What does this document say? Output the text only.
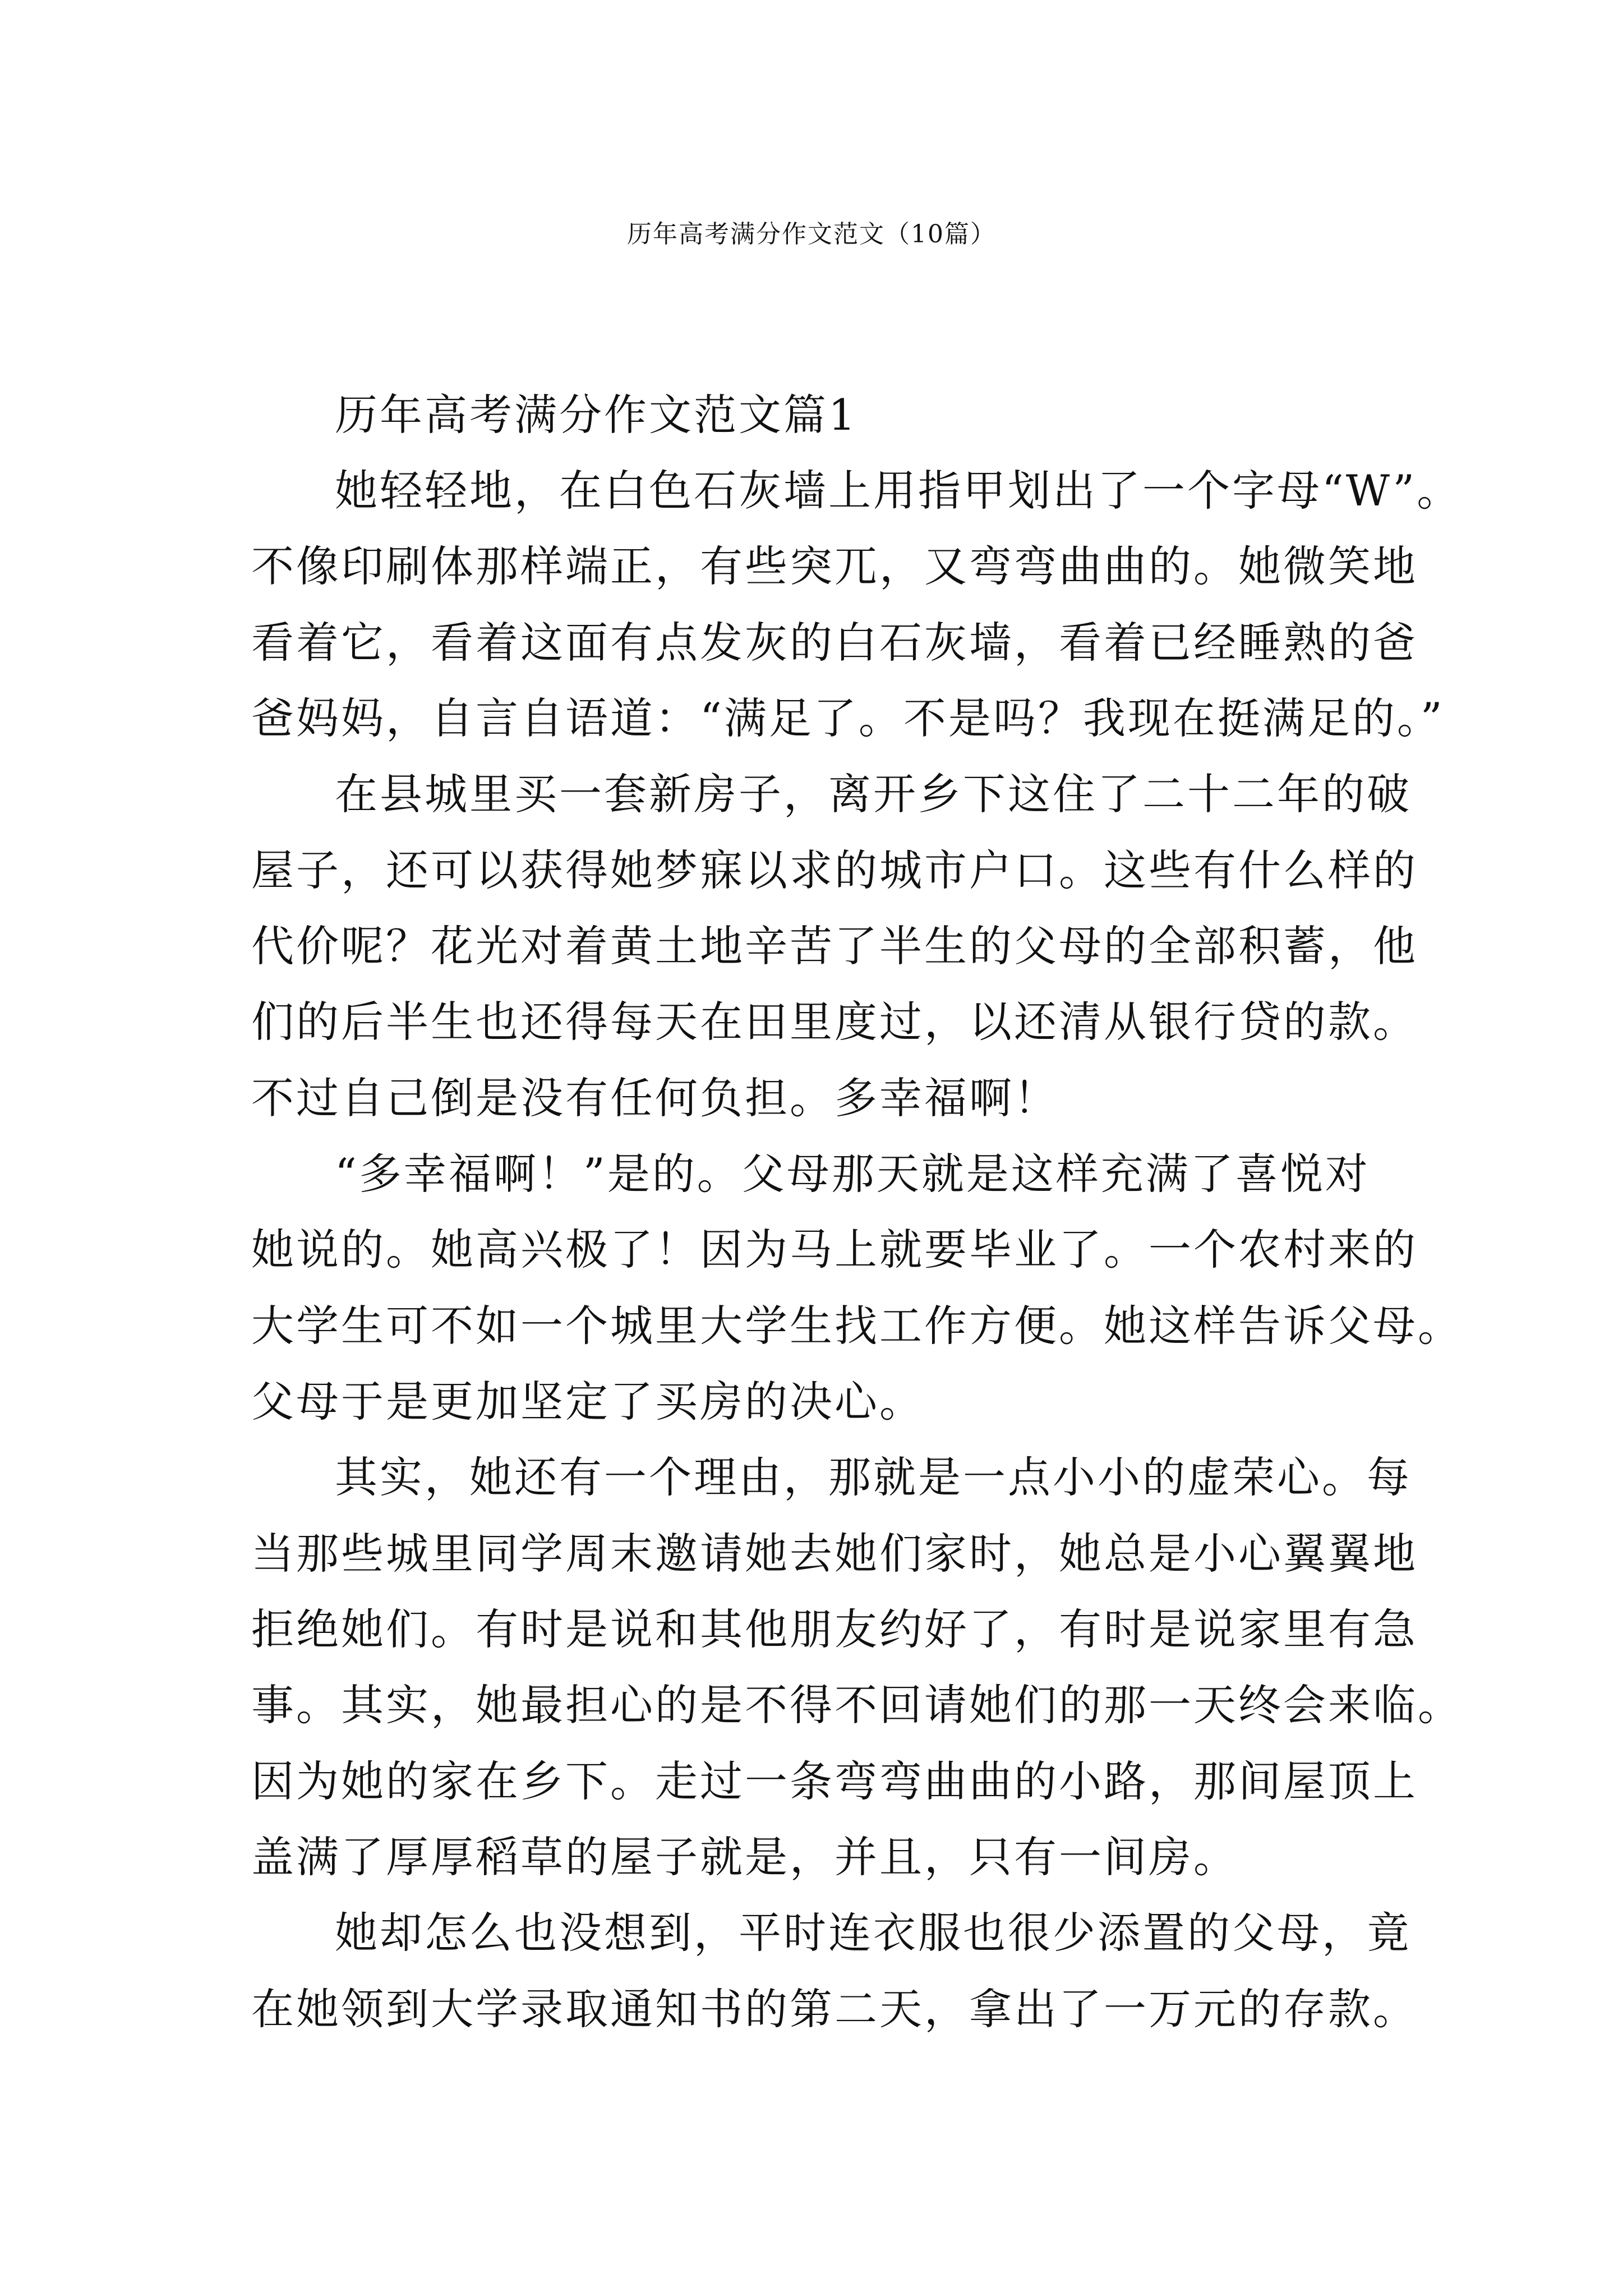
历年高考满分作文范文（10篇）
历年高考满分作文范文篇1
她轻轻地，在白色石灰墙上用指甲划出了一个字母“W”。
不像印刷体那样端正，有些突兀，又弯弯曲曲的。她微笑地
看着它，看着这面有点发灰的白石灰墙，看着已经睡熟的爸
爸妈妈，自言自语道：“满足了。不是吗？我现在挺满足的。”
在县城里买一套新房子，离开乡下这住了二十二年的破
屋子，还可以获得她梦寐以求的城市户口。这些有什么样的
代价呢？花光对着黄土地辛苦了半生的父母的全部积蓄，他
们的后半生也还得每天在田里度过，以还清从银行贷的款。
不过自己倒是没有任何负担。多幸福啊！
“多幸福啊！”是的。父母那天就是这样充满了喜悦对
她说的。她高兴极了！因为马上就要毕业了。一个农村来的
大学生可不如一个城里大学生找工作方便。她这样告诉父母。
父母于是更加坚定了买房的决心。
其实，她还有一个理由，那就是一点小小的虚荣心。每
当那些城里同学周末邀请她去她们家时，她总是小心翼翼地
拒绝她们。有时是说和其他朋友约好了，有时是说家里有急
事。其实，她最担心的是不得不回请她们的那一天终会来临。
因为她的家在乡下。走过一条弯弯曲曲的小路，那间屋顶上
盖满了厚厚稻草的屋子就是，并且，只有一间房。
她却怎么也没想到，平时连衣服也很少添置的父母，竟
在她领到大学录取通知书的第二天，拿出了一万元的存款。
